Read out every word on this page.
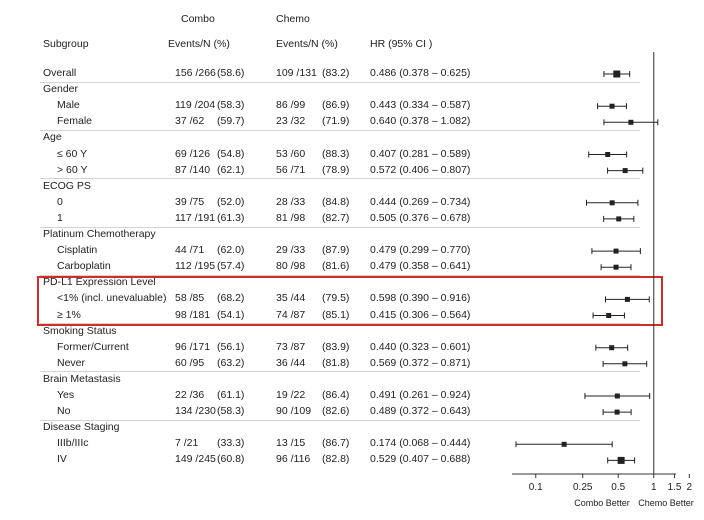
Combo	Chemo
Subgroup	Events/N (%)	Events/N (%)	HR (95% CI )
Overall	156 /266 (58.6)	109 /131 (83.2) 0.486 (0.378 – 0.625)
Gender
Male	119 /204 (58.3)	86 /99 (86.9) 0.443 (0.334 – 0.587)
Female	37 /62 (59.7)	23 /32 (71.9) 0.640 (0.378 – 1.082)
Age
≤ 60 Y	69 /126 (54.8)	53 /60 (88.3) 0.407 (0.281 – 0.589)
> 60 Y	87 /140 (62.1)	56 /71 (78.9) 0.572 (0.406 – 0.807)
ECOG PS
0	39 /75 (52.0)	28 /33 (84.8) 0.444 (0.269 – 0.734)
1	117 /191 (61.3)	81 /98 (82.7) 0.505 (0.376 – 0.678)
Platinum Chemotherapy
Cisplatin	44 /71 (62.0)	29 /33 (87.9) 0.479 (0.299 – 0.770)
Carboplatin	112 /195 (57.4)	80 /98 (81.6) 0.479 (0.358 – 0.641)
PD-L1 Expression Level
<1% (incl. unevaluable) 58 /85 (68.2)	35 /44 (79.5) 0.598 (0.390 – 0.916)
≥ 1%	98 /181 (54.1)	74 /87 (85.1) 0.415 (0.306 – 0.564)
Smoking Status
Former/Current	96 /171 (56.1)	73 /87 (83.9) 0.440 (0.323 – 0.601)
Never	60 /95 (63.2)	36 /44 (81.8) 0.569 (0.372 – 0.871)
Brain Metastasis
Yes	22 /36 (61.1)	19 /22 (86.4) 0.491 (0.261 – 0.924)
No	134 /230 (58.3)	90 /109 (82.6) 0.489 (0.372 – 0.643)
Disease Staging
IIIb/IIIc	7 /21 (33.3)	13 /15 (86.7) 0.174 (0.068 – 0.444)
IV	149 /245 (60.8)	96 /116 (82.8) 0.529 (0.407 – 0.688)
0.1	0.25 0.5	1 1.5 2
Combo Better Chemo Better
